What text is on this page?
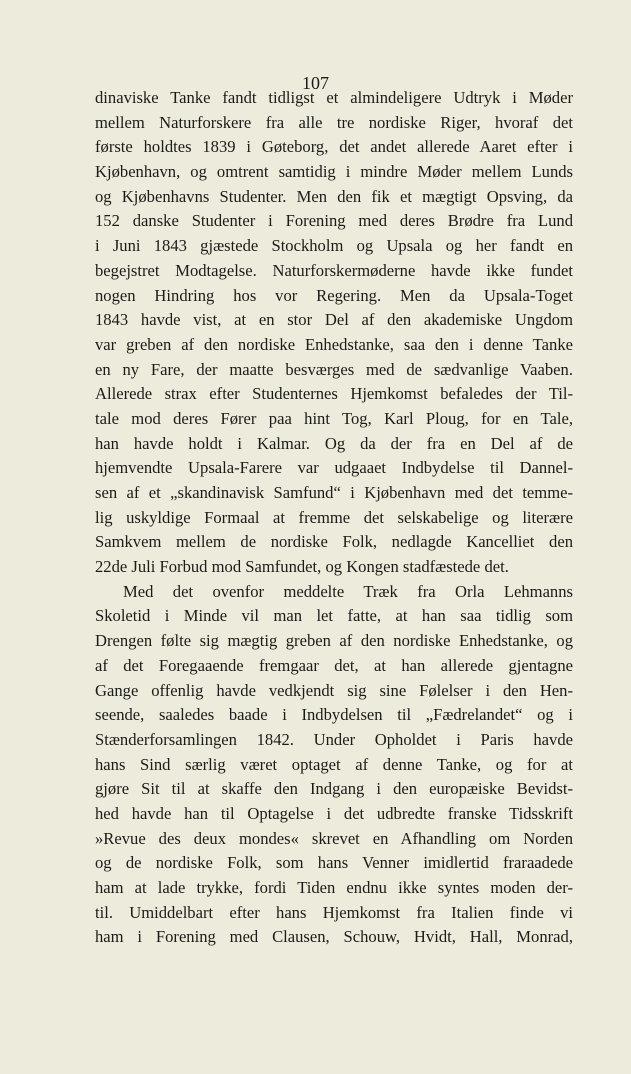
107
dinaviske Tanke fandt tidligst et almindeligere Udtryk i Møder
mellem Naturforskere fra alle tre nordiske Riger, hvoraf det
første holdtes 1839 i Gøteborg, det andet allerede Aaret efter i
Kjøbenhavn, og omtrent samtidig i mindre Møder mellem Lunds
og Kjøbenhavns Studenter. Men den fik et mægtigt Opsving, da
152 danske Studenter i Forening med deres Brødre fra Lund
i Juni 1843 gjæstede Stockholm og Upsala og her fandt en
begejstret Modtagelse. Naturforskermøderne havde ikke fundet
nogen Hindring hos vor Regering. Men da Upsala-Toget
1843 havde vist, at en stor Del af den akademiske Ungdom
var greben af den nordiske Enhedstanke, saa den i denne Tanke
en ny Fare, der maatte besværges med de sædvanlige Vaaben.
Allerede strax efter Studenternes Hjemkomst befaledes der Til-
tale mod deres Fører paa hint Tog, Karl Ploug, for en Tale,
han havde holdt i Kalmar. Og da der fra en Del af de
hjemvendte Upsala-Farere var udgaaet Indbydelse til Dannel-
sen af et „skandinavisk Samfund“ i Kjøbenhavn med det temme-
lig uskyldige Formaal at fremme det selskabelige og literære
Samkvem mellem de nordiske Folk, nedlagde Kancelliet den
22de Juli Forbud mod Samfundet, og Kongen stadfæstede det.
Med det ovenfor meddelte Træk fra Orla Lehmanns
Skoletid i Minde vil man let fatte, at han saa tidlig som
Drengen følte sig mægtig greben af den nordiske Enhedstanke, og
af det Foregaaende fremgaar det, at han allerede gjentagne
Gange offenlig havde vedkjendt sig sine Følelser i den Hen-
seende, saaledes baade i Indbydelsen til „Fædrelandet“ og i
Stænderforsamlingen 1842. Under Opholdet i Paris havde
hans Sind særlig været optaget af denne Tanke, og for at
gjøre Sit til at skaffe den Indgang i den europæiske Bevidst-
hed havde han til Optagelse i det udbredte franske Tidsskrift
»Revue des deux mondes« skrevet en Afhandling om Norden
og de nordiske Folk, som hans Venner imidlertid fraraadede
ham at lade trykke, fordi Tiden endnu ikke syntes moden der-
til. Umiddelbart efter hans Hjemkomst fra Italien finde vi
ham i Forening med Clausen, Schouw, Hvidt, Hall, Monrad,
